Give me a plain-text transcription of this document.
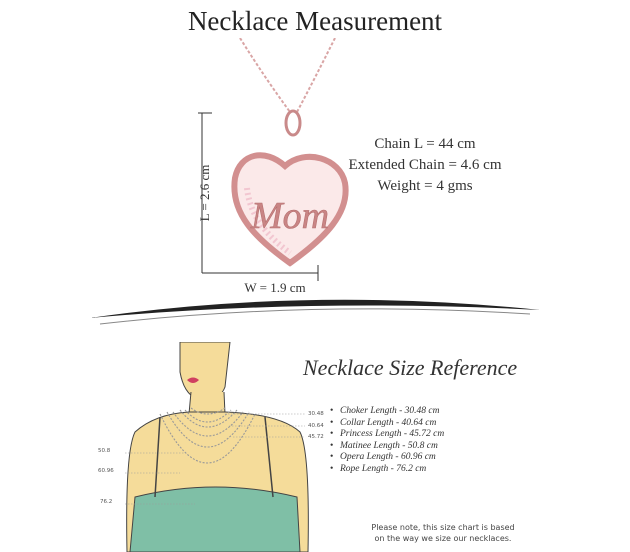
Necklace Measurement
Mom
L = 2.6 cm
W = 1.9 cm
Chain L = 44 cm
Extended Chain = 4.6 cm
Weight = 4 gms
30.48
40.64
45.72
50.8
60.96
76.2
Necklace Size Reference
• Choker Length - 30.48 cm
• Collar Length - 40.64 cm
• Princess Length - 45.72 cm
• Matinee Length - 50.8 cm
• Opera Length - 60.96 cm
• Rope Length - 76.2 cm
Please note, this size chart is based
on the way we size our necklaces.
